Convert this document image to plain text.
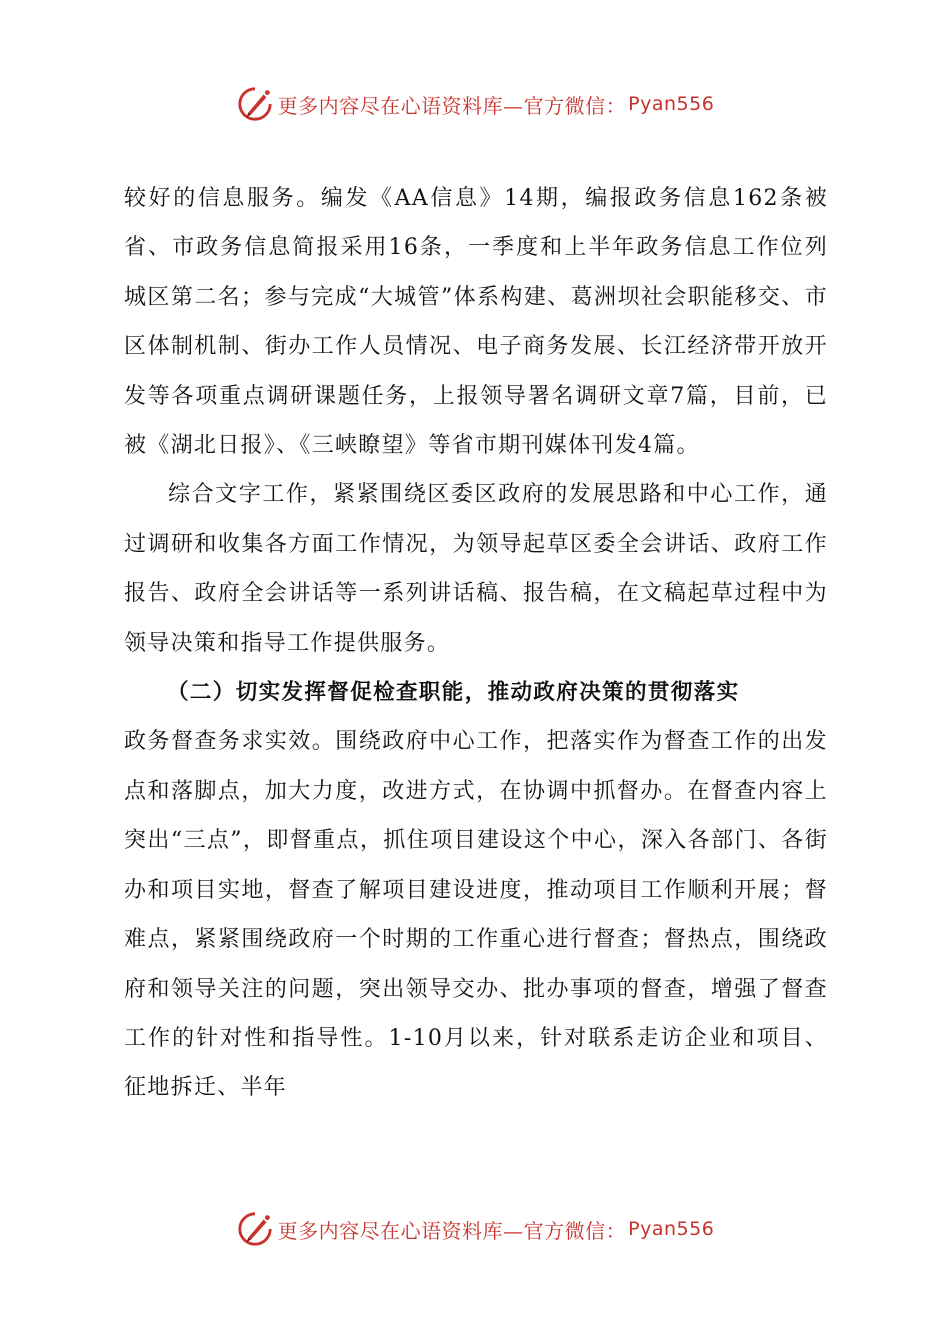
更多内容尽在心语资料库—官方微信： Pyan556

较好的信息服务。编发《AA信息》14期，编报政务信息162条被省、市政务信息简报采用16条，一季度和上半年政务信息工作位列城区第二名；参与完成“大城管”体系构建、葛洲坝社会职能移交、市区体制机制、街办工作人员情况、电子商务发展、长江经济带开放开发等各项重点调研课题任务，上报领导署名调研文章7篇，目前，已被《湖北日报》、《三峡瞭望》等省市期刊媒体刊发4篇。

综合文字工作，紧紧围绕区委区政府的发展思路和中心工作，通过调研和收集各方面工作情况，为领导起草区委全会讲话、政府工作报告、政府全会讲话等一系列讲话稿、报告稿，在文稿起草过程中为领导决策和指导工作提供服务。

（二）切实发挥督促检查职能，推动政府决策的贯彻落实

政务督查务求实效。围绕政府中心工作，把落实作为督查工作的出发点和落脚点，加大力度，改进方式，在协调中抓督办。在督查内容上突出“三点”，即督重点，抓住项目建设这个中心，深入各部门、各街办和项目实地，督查了解项目建设进度，推动项目工作顺利开展；督难点，紧紧围绕政府一个时期的工作重心进行督查；督热点，围绕政府和领导关注的问题，突出领导交办、批办事项的督查，增强了督查工作的针对性和指导性。1-10月以来，针对联系走访企业和项目、征地拆迁、半年

更多内容尽在心语资料库—官方微信： Pyan556
